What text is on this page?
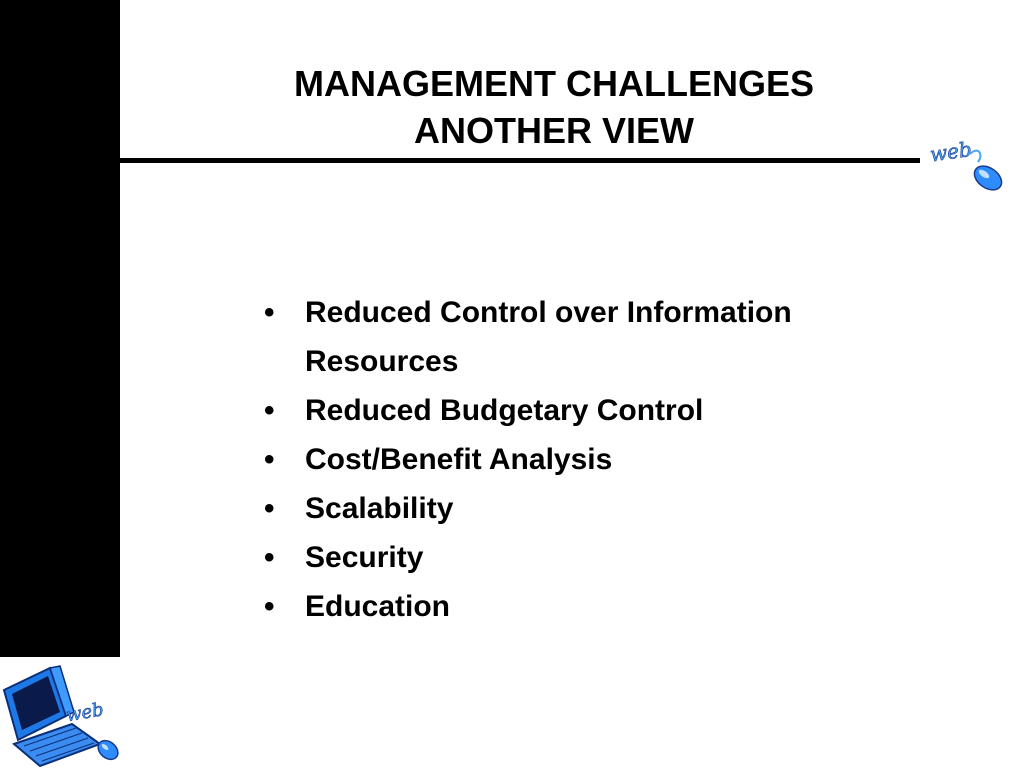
MANAGEMENT CHALLENGES
ANOTHER VIEW
web
web
• Reduced Control over Information Resources
• Reduced Budgetary Control
• Cost/Benefit Analysis
• Scalability
• Security
• Education
